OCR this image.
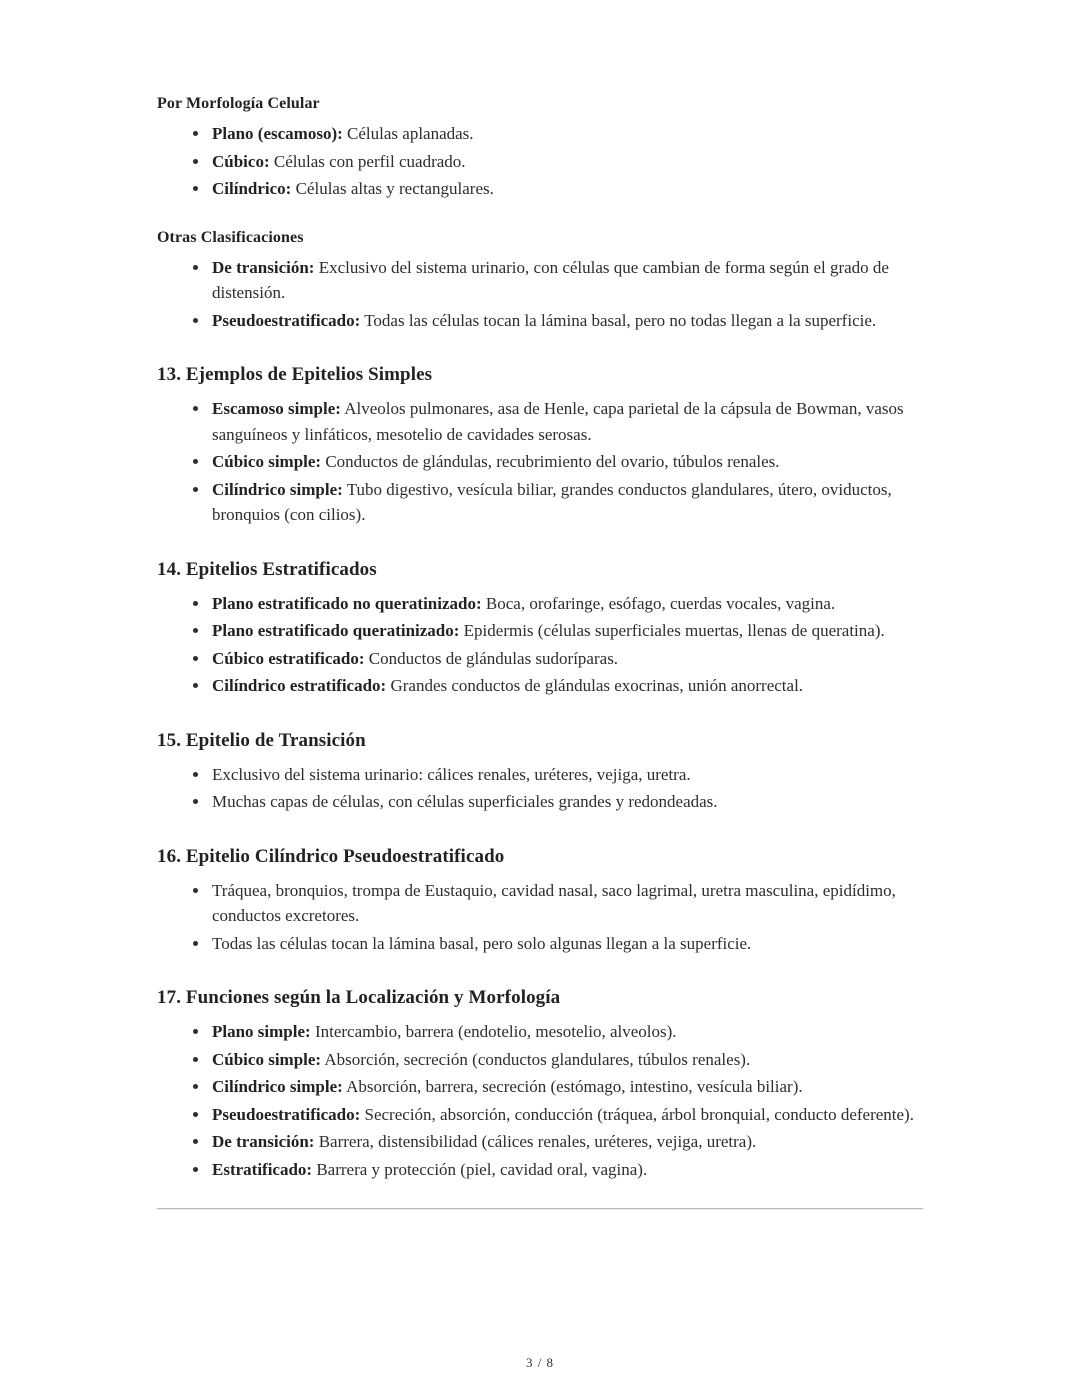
Por Morfología Celular
• Plano (escamoso): Células aplanadas.
• Cúbico: Células con perfil cuadrado.
• Cilíndrico: Células altas y rectangulares.
Otras Clasificaciones
• De transición: Exclusivo del sistema urinario, con células que cambian de forma según el grado de distensión.
• Pseudoestratificado: Todas las células tocan la lámina basal, pero no todas llegan a la superficie.
13. Ejemplos de Epitelios Simples
• Escamoso simple: Alveolos pulmonares, asa de Henle, capa parietal de la cápsula de Bowman, vasos sanguíneos y linfáticos, mesotelio de cavidades serosas.
• Cúbico simple: Conductos de glándulas, recubrimiento del ovario, túbulos renales.
• Cilíndrico simple: Tubo digestivo, vesícula biliar, grandes conductos glandulares, útero, oviductos, bronquios (con cilios).
14. Epitelios Estratificados
• Plano estratificado no queratinizado: Boca, orofaringe, esófago, cuerdas vocales, vagina.
• Plano estratificado queratinizado: Epidermis (células superficiales muertas, llenas de queratina).
• Cúbico estratificado: Conductos de glándulas sudoríparas.
• Cilíndrico estratificado: Grandes conductos de glándulas exocrinas, unión anorrectal.
15. Epitelio de Transición
• Exclusivo del sistema urinario: cálices renales, uréteres, vejiga, uretra.
• Muchas capas de células, con células superficiales grandes y redondeadas.
16. Epitelio Cilíndrico Pseudoestratificado
• Tráquea, bronquios, trompa de Eustaquio, cavidad nasal, saco lagrimal, uretra masculina, epidídimo, conductos excretores.
• Todas las células tocan la lámina basal, pero solo algunas llegan a la superficie.
17. Funciones según la Localización y Morfología
• Plano simple: Intercambio, barrera (endotelio, mesotelio, alveolos).
• Cúbico simple: Absorción, secreción (conductos glandulares, túbulos renales).
• Cilíndrico simple: Absorción, barrera, secreción (estómago, intestino, vesícula biliar).
• Pseudoestratificado: Secreción, absorción, conducción (tráquea, árbol bronquial, conducto deferente).
• De transición: Barrera, distensibilidad (cálices renales, uréteres, vejiga, uretra).
• Estratificado: Barrera y protección (piel, cavidad oral, vagina).
3 / 8
